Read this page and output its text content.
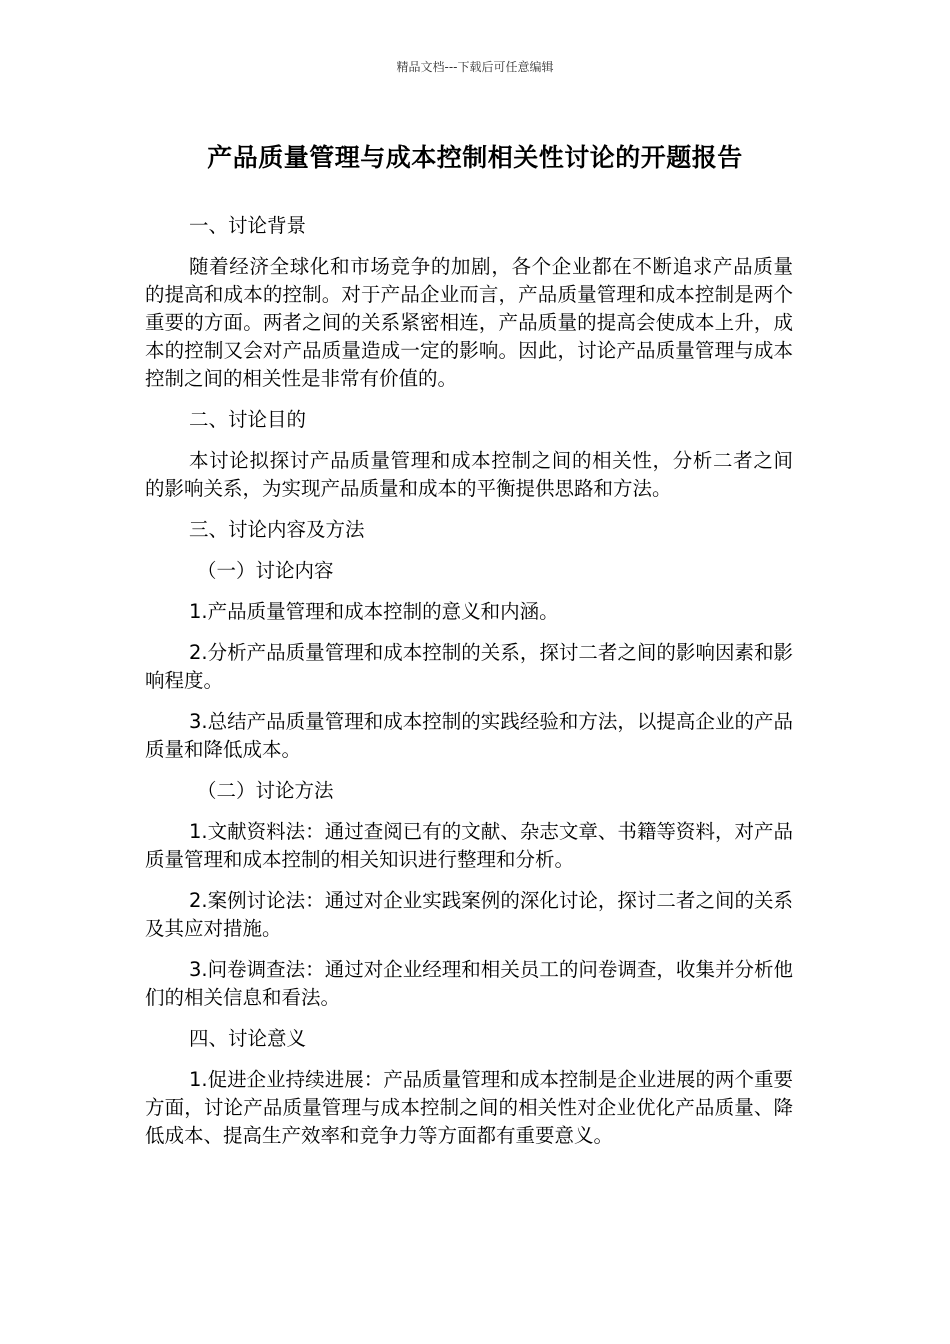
精品文档---下载后可任意编辑
产品质量管理与成本控制相关性讨论的开题报告

一、讨论背景

随着经济全球化和市场竞争的加剧，各个企业都在不断追求产品质量的提高和成本的控制。对于产品企业而言，产品质量管理和成本控制是两个重要的方面。两者之间的关系紧密相连，产品质量的提高会使成本上升，成本的控制又会对产品质量造成一定的影响。因此，讨论产品质量管理与成本控制之间的相关性是非常有价值的。

二、讨论目的

本讨论拟探讨产品质量管理和成本控制之间的相关性，分析二者之间的影响关系，为实现产品质量和成本的平衡提供思路和方法。

三、讨论内容及方法

（一）讨论内容

1.产品质量管理和成本控制的意义和内涵。

2.分析产品质量管理和成本控制的关系，探讨二者之间的影响因素和影响程度。

3.总结产品质量管理和成本控制的实践经验和方法，以提高企业的产品质量和降低成本。

（二）讨论方法

1.文献资料法：通过查阅已有的文献、杂志文章、书籍等资料，对产品质量管理和成本控制的相关知识进行整理和分析。

2.案例讨论法：通过对企业实践案例的深化讨论，探讨二者之间的关系及其应对措施。

3.问卷调查法：通过对企业经理和相关员工的问卷调查，收集并分析他们的相关信息和看法。

四、讨论意义

1.促进企业持续进展：产品质量管理和成本控制是企业进展的两个重要方面，讨论产品质量管理与成本控制之间的相关性对企业优化产品质量、降低成本、提高生产效率和竞争力等方面都有重要意义。
